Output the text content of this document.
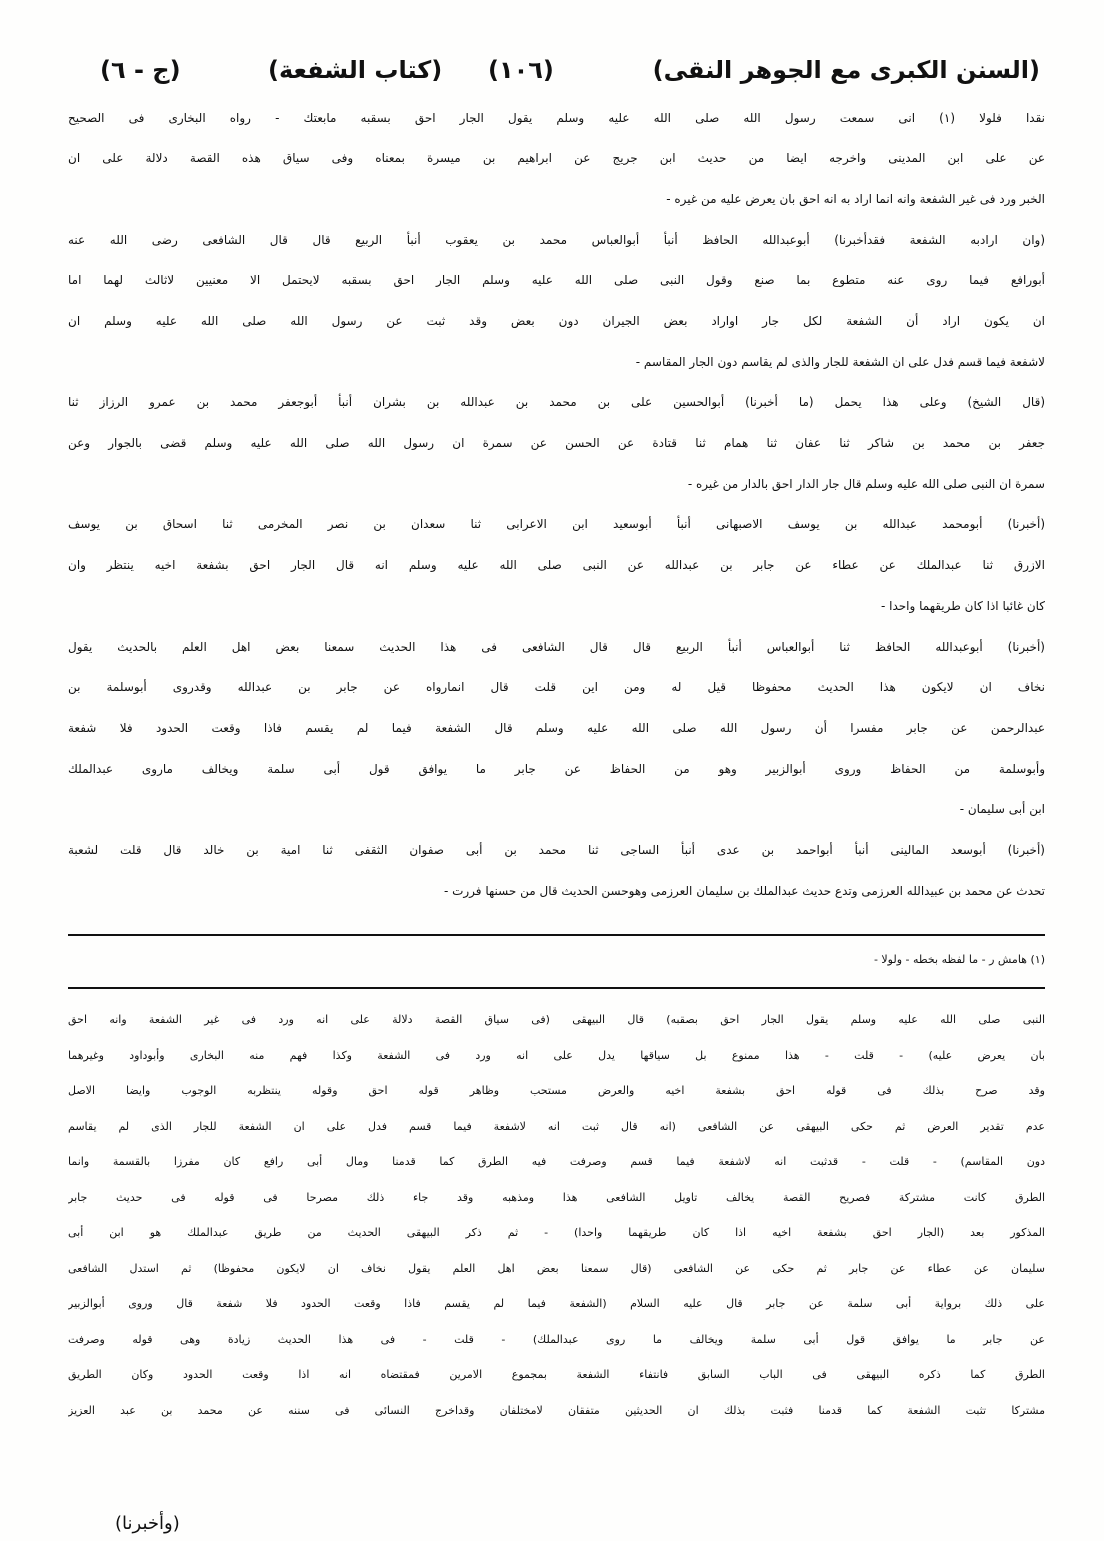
(السنن الكبرى مع الجوهر النقى)
(١٠٦)
(كتاب الشفعة)
(ج - ٦)
نقدا فلولا (١) انى سمعت رسول الله صلى الله عليه وسلم يقول الجار احق بسقبه مابعتك - رواه البخارى فى الصحيح
عن على ابن المدينى واخرجه ايضا من حديث ابن جريج عن ابراهيم بن ميسرة بمعناه وفى سياق هذه القصة دلالة على ان
الخبر ورد فى غير الشفعة وانه انما اراد به انه احق بان يعرض عليه من غيره -
(وان ارادبه الشفعة فقدأخبرنا) أبوعبدالله الحافظ أنبأ أبوالعباس محمد بن يعقوب أنبأ الربيع قال قال الشافعى رضى الله عنه
أبورافع فيما روى عنه متطوع بما صنع وقول النبى صلى الله عليه وسلم الجار احق بسقبه لايحتمل الا معنيين لاثالث لهما اما
ان يكون اراد أن الشفعة لكل جار اواراد بعض الجيران دون بعض وقد ثبت عن رسول الله صلى الله عليه وسلم ان
لاشفعة فيما قسم فدل على ان الشفعة للجار والذى لم يقاسم دون الجار المقاسم -
(قال الشيخ) وعلى هذا يحمل (ما أخبرنا) أبوالحسين على بن محمد بن عبدالله بن بشران أنبأ أبوجعفر محمد بن عمرو الرزاز ثنا
جعفر بن محمد بن شاكر ثنا عفان ثنا همام ثنا قتادة عن الحسن عن سمرة ان رسول الله صلى الله عليه وسلم قضى بالجوار وعن
سمرة ان النبى صلى الله عليه وسلم قال جار الدار احق بالدار من غيره -
(أخبرنا) أبومحمد عبدالله بن يوسف الاصبهانى أنبأ أبوسعيد ابن الاعرابى ثنا سعدان بن نصر المخرمى ثنا اسحاق بن يوسف
الازرق ثنا عبدالملك عن عطاء عن جابر بن عبدالله عن النبى صلى الله عليه وسلم انه قال الجار احق بشفعة اخيه ينتظر وان
كان غائبا اذا كان طريقهما واحدا -
(أخبرنا) أبوعبدالله الحافظ ثنا أبوالعباس أنبأ الربيع قال قال الشافعى فى هذا الحديث سمعنا بعض اهل العلم بالحديث يقول
نخاف ان لايكون هذا الحديث محفوظا قيل له ومن اين قلت قال انمارواه عن جابر بن عبدالله وقدروى أبوسلمة بن
عبدالرحمن عن جابر مفسرا أن رسول الله صلى الله عليه وسلم قال الشفعة فيما لم يقسم فاذا وقعت الحدود فلا شفعة
وأبوسلمة من الحفاظ وروى أبوالزبير وهو من الحفاظ عن جابر ما يوافق قول أبى سلمة ويخالف ماروى عبدالملك
ابن أبى سليمان -
(أخبرنا) أبوسعد المالينى أنبأ أبواحمد بن عدى أنبأ الساجى ثنا محمد بن أبى صفوان الثقفى ثنا امية بن خالد قال قلت لشعبة
تحدث عن محمد بن عبيدالله العرزمى وتدع حديث عبدالملك بن سليمان العرزمى وهوحسن الحديث قال من حسنها فررت -
(١) هامش ر - ما لفظه بخطه - ولولا -
النبى صلى الله عليه وسلم يقول الجار احق بصقبه) قال البيهقى (فى سياق القصة دلالة على انه ورد فى غير الشفعة وانه احق
بان يعرض عليه) - قلت - هذا ممنوع بل سياقها يدل على انه ورد فى الشفعة وكذا فهم منه البخارى وأبوداود وغيرهما
وقد صرح بذلك فى قوله احق بشفعة اخيه والعرض مستحب وظاهر قوله احق وقوله ينتظربه الوجوب وايضا الاصل
عدم تقدير العرض ثم حكى البيهقى عن الشافعى (انه قال ثبت انه لاشفعة فيما قسم فدل على ان الشفعة للجار الذى لم يقاسم
دون المقاسم) - قلت - قدثبت انه لاشفعة فيما قسم وصرفت فيه الطرق كما قدمنا ومال أبى رافع كان مفرزا بالقسمة وانما
الطرق كانت مشتركة فصريح القصة يخالف تاويل الشافعى هذا ومذهبه وقد جاء ذلك مصرحا فى قوله فى حديث جابر
المذكور بعد (الجار احق بشفعة اخيه اذا كان طريقهما واحدا) - ثم ذكر البيهقى الحديث من طريق عبدالملك هو ابن أبى
سليمان عن عطاء عن جابر ثم حكى عن الشافعى (قال سمعنا بعض اهل العلم يقول نخاف ان لايكون محفوظا) ثم استدل الشافعى
على ذلك برواية أبى سلمة عن جابر قال عليه السلام (الشفعة فيما لم يقسم فاذا وقعت الحدود فلا شفعة قال وروى أبوالزبير
عن جابر ما يوافق قول أبى سلمة ويخالف ما روى عبدالملك) - قلت - فى هذا الحديث زيادة وهى قوله وصرفت
الطرق كما ذكره البيهقى فى الباب السابق فانتفاء الشفعة بمجموع الامرين فمقتضاه انه اذا وقعت الحدود وكان الطريق
مشتركا تثبت الشفعة كما قدمنا فثبت بذلك ان الحديثين متفقان لامختلفان وقداخرج النسائى فى سننه عن محمد بن عبد العزيز
(وأخبرنا)
